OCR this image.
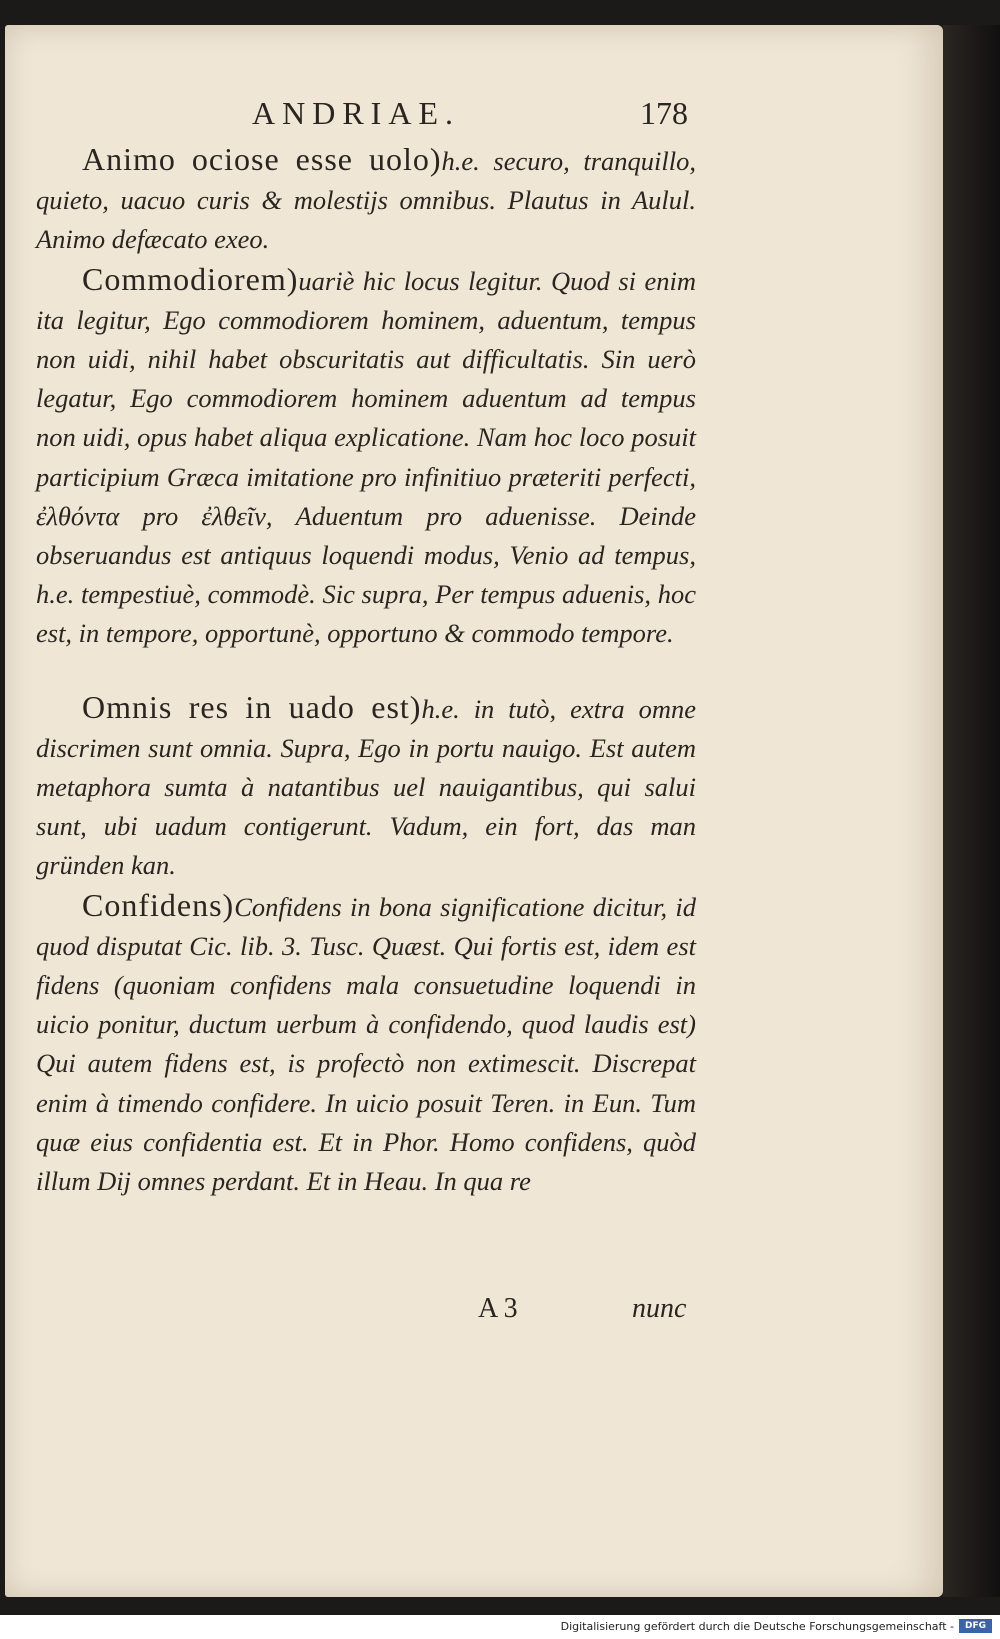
ANDRIAE.	178

Animo ociose esse uolo)h.e. securo, tranquillo, quieto, uacuo curis & molestijs omnibus. Plautus in Aulul. Animo defæcato exeo.

Commodiorem)uariè hic locus legitur. Quod si enim ita legitur, Ego commodiorem hominem, aduentum, tempus non uidi, nihil habet obscuritatis aut difficultatis. Sin uerò legatur, Ego commodiorem hominem aduentum ad tempus non uidi, opus habet aliqua explicatione. Nam hoc loco posuit participium Græca imitatione pro infinitiuo præteriti perfecti, ἐλθόντα pro ἐλθεῖν, Aduentum pro aduenisse. Deinde obseruandus est antiquus loquendi modus, Venio ad tempus, h.e. tempestiuè, commodè. Sic supra, Per tempus aduenis, hoc est, in tempore, opportunè, opportuno & commodo tempore.

Omnis res in uado est)h.e. in tutò, extra omne discrimen sunt omnia. Supra, Ego in portu nauigo. Est autem metaphora sumta à natantibus uel nauigantibus, qui salui sunt, ubi uadum contigerunt. Vadum, ein fort, das man gründen kan.

Confidens)Confidens in bona significatione dicitur, id quod disputat Cic. lib. 3. Tusc. Quæst. Qui fortis est, idem est fidens (quoniam confidens mala consuetudine loquendi in uicio ponitur, ductum uerbum à confidendo, quod laudis est) Qui autem fidens est, is profectò non extimescit. Discrepat enim à timendo confidere. In uicio posuit Teren. in Eun. Tum quæ eius confidentia est. Et in Phor. Homo confidens, quòd illum Dij omnes perdant. Et in Heau. In qua re

A 3	nunc
Digitalisierung gefördert durch die Deutsche Forschungsgemeinschaft -	DFG
